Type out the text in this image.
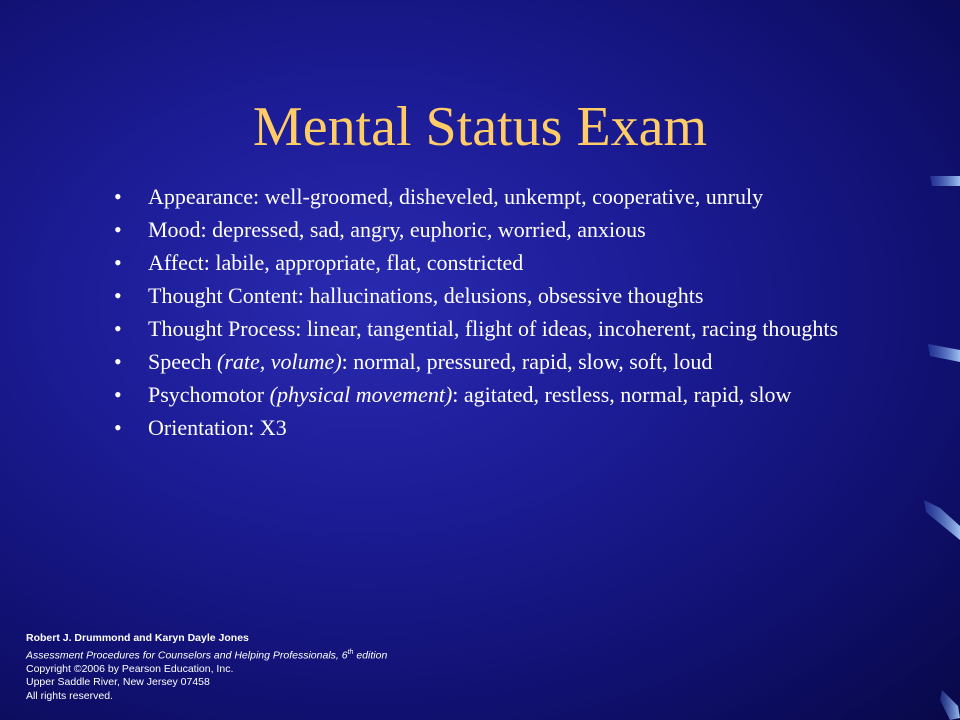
Mental Status Exam
• Appearance: well-groomed, disheveled, unkempt, cooperative, unruly
• Mood: depressed, sad, angry, euphoric, worried, anxious
• Affect: labile, appropriate, flat, constricted
• Thought Content: hallucinations, delusions, obsessive thoughts
• Thought Process: linear, tangential, flight of ideas, incoherent, racing thoughts
• Speech (rate, volume): normal, pressured, rapid, slow, soft, loud
• Psychomotor (physical movement): agitated, restless, normal, rapid, slow
• Orientation: X3
Robert J. Drummond and Karyn Dayle Jones
Assessment Procedures for Counselors and Helping Professionals, 6th edition
Copyright ©2006 by Pearson Education, Inc.
Upper Saddle River, New Jersey 07458
All rights reserved.
